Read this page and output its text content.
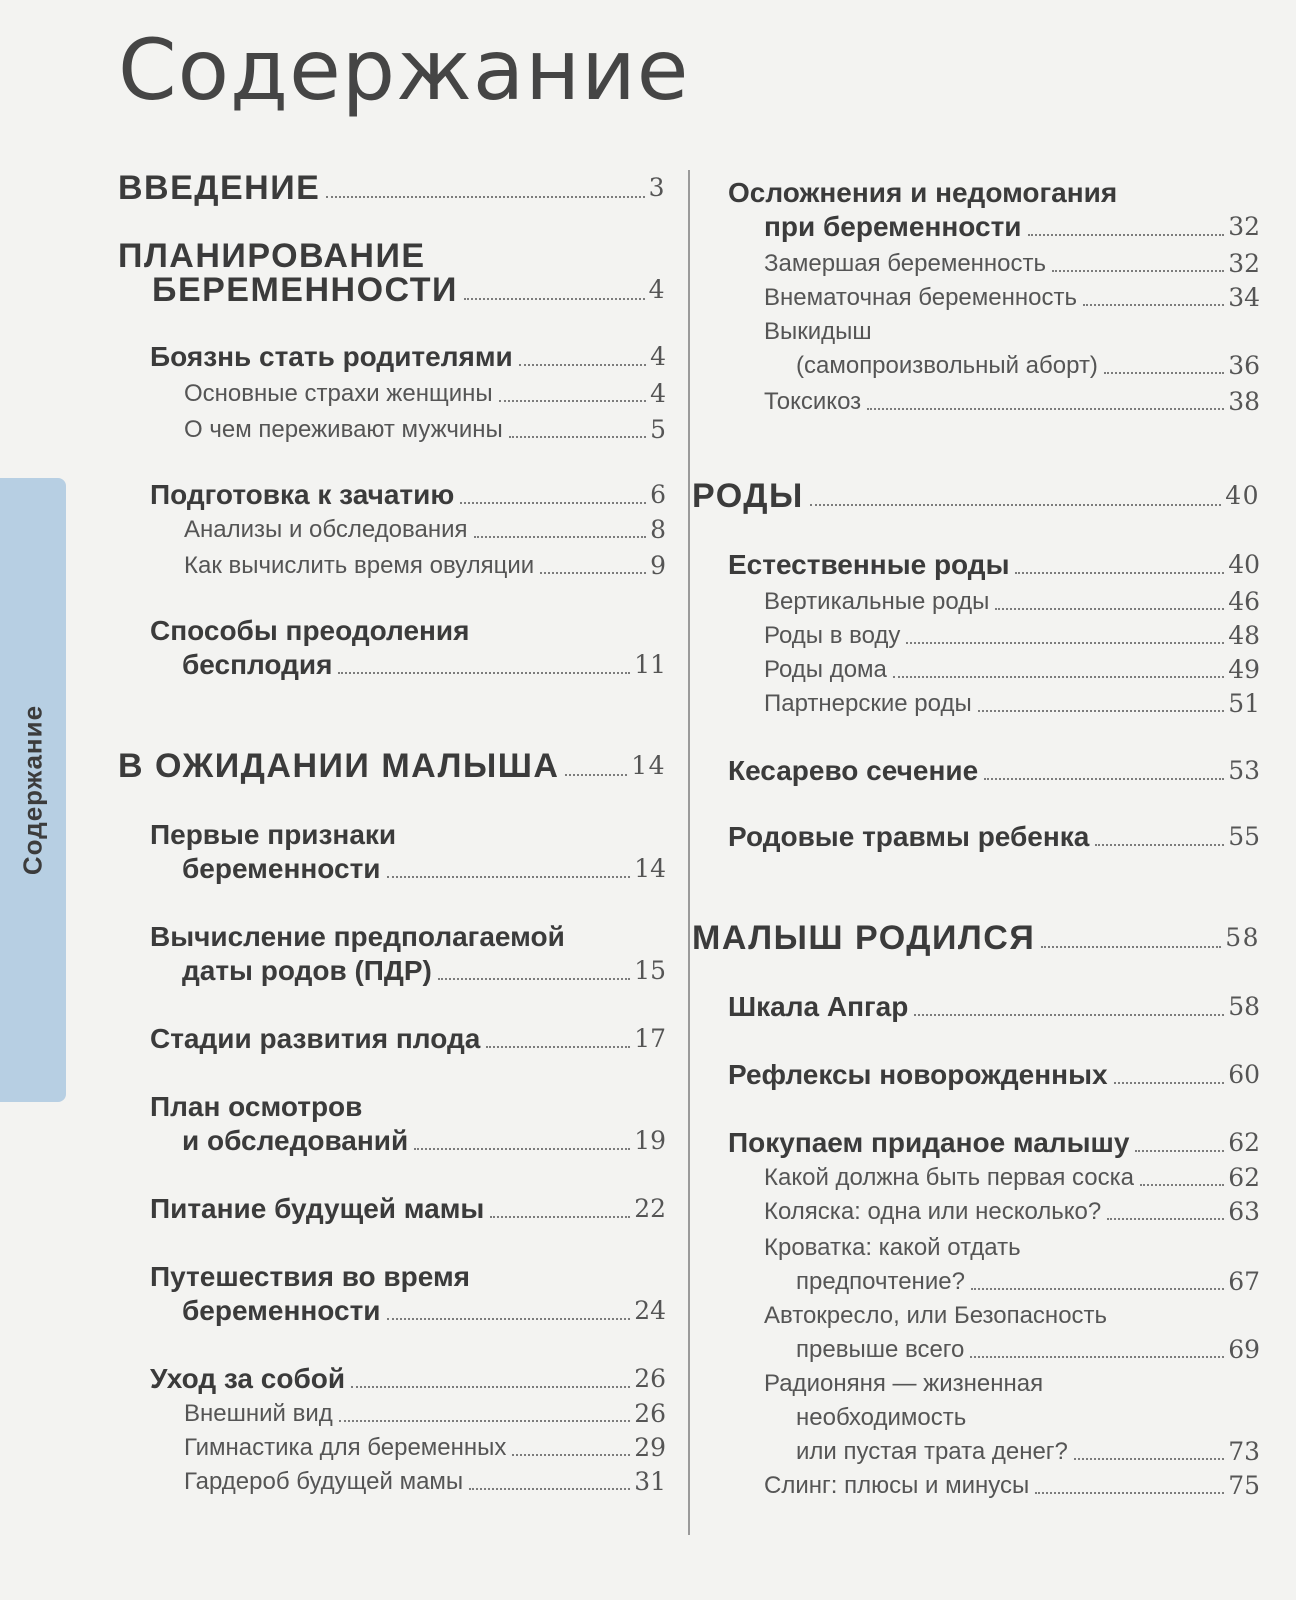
Содержание
Содержание
ВВЕДЕНИЕ	3
ПЛАНИРОВАНИЕ
БЕРЕМЕННОСТИ	4
Боязнь стать родителями	4
Основные страхи женщины	4
О чем переживают мужчины	5
Подготовка к зачатию	6
Анализы и обследования	8
Как вычислить время овуляции	9
Способы преодоления
бесплодия	11
В ОЖИДАНИИ МАЛЫША	14
Первые признаки
беременности	14
Вычисление предполагаемой
даты родов (ПДР)	15
Стадии развития плода	17
План осмотров
и обследований	19
Питание будущей мамы	22
Путешествия во время
беременности	24
Уход за собой	26
Внешний вид	26
Гимнастика для беременных	29
Гардероб будущей мамы	31
Осложнения и недомогания
при беременности	32
Замершая беременность	32
Внематочная беременность	34
Выкидыш
(самопроизвольный аборт)	36
Токсикоз	38
РОДЫ	40
Естественные роды	40
Вертикальные роды	46
Роды в воду	48
Роды дома	49
Партнерские роды	51
Кесарево сечение	53
Родовые травмы ребенка	55
МАЛЫШ РОДИЛСЯ	58
Шкала Апгар	58
Рефлексы новорожденных	60
Покупаем приданое малышу	62
Какой должна быть первая соска	62
Коляска: одна или несколько?	63
Кроватка: какой отдать
предпочтение?	67
Автокресло, или Безопасность
превыше всего	69
Радионяня — жизненная
необходимость
или пустая трата денег?	73
Слинг: плюсы и минусы	75
